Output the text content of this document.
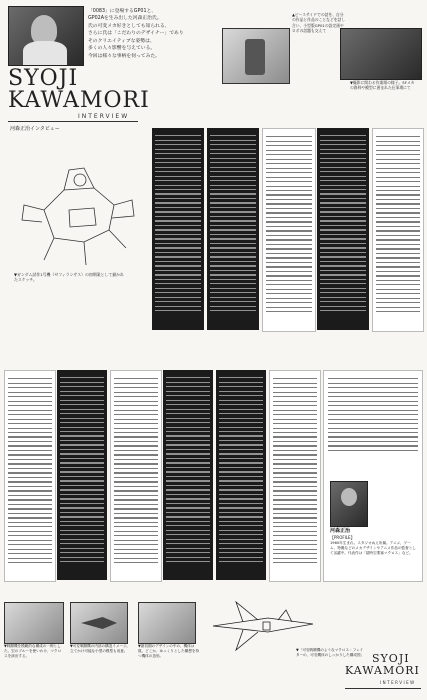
「0083」に登場するGP01と、
GP02Aを生み出した河森正治氏。
氏の可変メカ好きとしても知られる、
さらに氏は「こだわりのデザイナー」であり
そのクリエイティブな姿勢は、
多くの人々影響を与えている。
今回は様々な事柄を伺ってみた。
SYOJI
KAWAMORI
INTERVIEW
河森正治インタビュー
▲ピースサイドでの話を、自分の作品と作品のことなどを話し合い、小型版GP01の設定画やロボの話題も交えて
▼撮影に関わる作業場の様子。SFメカの資料や模型に囲まれた仕事場にて
▼ガンダム試作1号機（ゼフィランサス）の初期案として描かれたスケッチ。
河森正治
【PROFILE】
1960年生まれ。スタジオぬえ所属。アニメ、ゲーム、特撮などのメカデザインやアニメ作品の監督として活躍中。代表作は「超時空要塞マクロス」など。
▼戦闘機を模範的な構成の一例とした。空のブルーを使いわけ、マクロスを演出する。
▼可変戦闘機の内部の構造イメージ。立てかけ可能な小型の模型も用意。
▼最初期のデザインの中の、機体は数。どこか、ゆっくりとした構想を持つ機体の造形。
▼「可変戦闘機のようなマクロス・フェイターの、可変機体のしっかりした構成図」 SYOJI
KAWAMORI
INTERVIEW
